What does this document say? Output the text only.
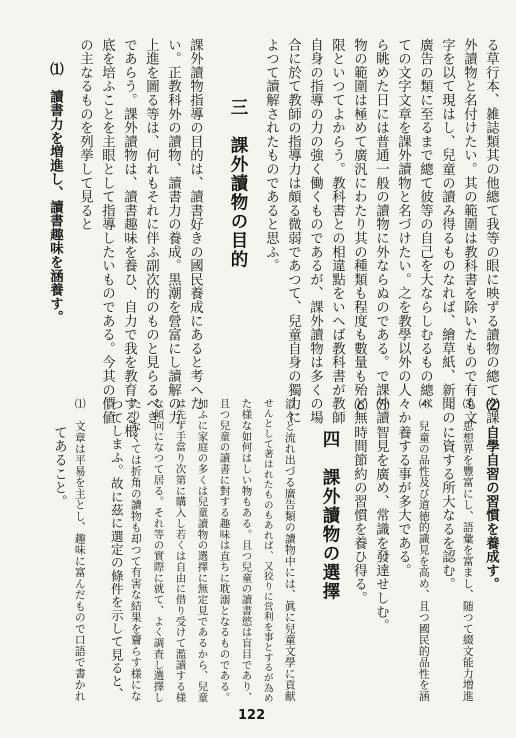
る草行本、雑誌類其の他總て我等の眼に映ずる讀物の總てを課
外讀物と名付けたい。其の範圍は教科書を除いたもので有も文
字を以て現はし、兒童の讀み得るものなれば、繪草紙、新聞の
廣告の類に至るまで總て彼等の自己を大ならしむるもの總べ
ての文字文章を課外讀物と名づけたい。之を教學以外の人々か
ら眺めた日には普通一般の讀物に外ならぬのである。で課外讀
物の範圍は極めて廣汎にわたり其の種類も程度も數量も殆ど無
限といつてよからう。教科書との相違點をいへば教科書が教師
自身の指導の力の強く働くものであるが、課外讀物は多くの場
合に於て教師の指導力は頗る微弱であつて、兒童自身の獨力に
よつて讀解されたものであると思ふ。
三　課外讀物の目的
課外讀物指導の目的は、讀書好きの國民養成にあると考へた
い。正教科外の讀物、讀書力の養成。黒潮を營富にし讀解の力
上進を圖る等は、何れもそれに伴ふ副次的のものと見らるべき
であらう。課外讀物は、讀書趣味を養ひ、自力で我を教育する根
底を培ふことを主眼として指導したいものである。今其の價値
の主なるものを列挙して見ると
⑴　讀書力を増進し、讀書趣味を涵養す。
⑵　自學自習の習慣を養成す。
⑶　思想界を豐富にし、語彙を富まし、随つて綴文能力増進
　　に資する所大なるを認む。
⑷　兒童の品性及び道徳的識見を高め、且つ國民的品性を涵
　　養する事が多大である。
⑸　智見を廣め、常識を發達せしむ。
⑹　時間節約の習慣を養ひ得る。
四　課外讀物の選擇
滔々と流れ出づる廣告類の讀物中には、眞に兒童文學に貢献
せんとして著はれたものもあれば、又狡りに営利を事とするが為め
た様な如何はしい物もある。且つ兒童の讀書慾は盲目であり、
且つ兒童の讀書に對する趣味は直ちに耽溺となるものである。
加ふに家庭の多くは兒童讀物の選擇に無定見であるから、兒童
は先ず手當り次第に購入し若くは自由に借り受けて濫讀する様
な傾向になつて居る。それ等の實際に就て、よく調査し選擇し
たりなくては折角の讀物も却つて有害な結果を齎らす様にな
つてしまふ。故に茲に選定の條件を示して見ると、
⑴　文章は平易を主とし、趣味に富んだもので口語で書かれ
　　てあること。
122
